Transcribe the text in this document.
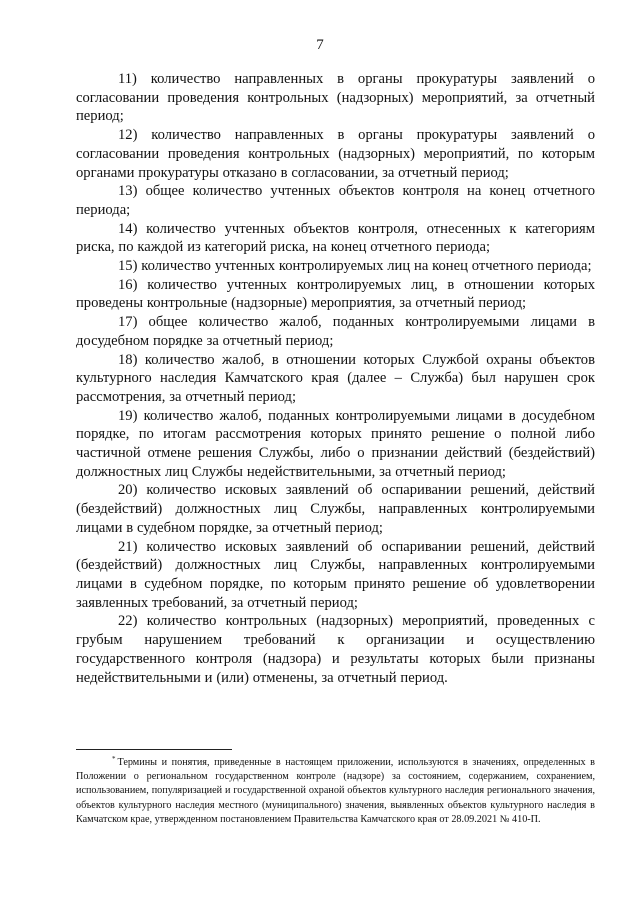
7

11) количество направленных в органы прокуратуры заявлений о согласовании проведения контрольных (надзорных) мероприятий, за отчетный период;

12) количество направленных в органы прокуратуры заявлений о согласовании проведения контрольных (надзорных) мероприятий, по которым органами прокуратуры отказано в согласовании, за отчетный период;

13) общее количество учтенных объектов контроля на конец отчетного периода;

14) количество учтенных объектов контроля, отнесенных к категориям риска, по каждой из категорий риска, на конец отчетного периода;

15) количество учтенных контролируемых лиц на конец отчетного периода;

16) количество учтенных контролируемых лиц, в отношении которых проведены контрольные (надзорные) мероприятия, за отчетный период;

17) общее количество жалоб, поданных контролируемыми лицами в досудебном порядке за отчетный период;

18) количество жалоб, в отношении которых Службой охраны объектов культурного наследия Камчатского края (далее – Служба) был нарушен срок рассмотрения, за отчетный период;

19) количество жалоб, поданных контролируемыми лицами в досудебном порядке, по итогам рассмотрения которых принято решение о полной либо частичной отмене решения Службы, либо о признании действий (бездействий) должностных лиц Службы недействительными, за отчетный период;

20) количество исковых заявлений об оспаривании решений, действий (бездействий) должностных лиц Службы, направленных контролируемыми лицами в судебном порядке, за отчетный период;

21) количество исковых заявлений об оспаривании решений, действий (бездействий) должностных лиц Службы, направленных контролируемыми лицами в судебном порядке, по которым принято решение об удовлетворении заявленных требований, за отчетный период;

22) количество контрольных (надзорных) мероприятий, проведенных с грубым нарушением требований к организации и осуществлению государственного контроля (надзора) и результаты которых были признаны недействительными и (или) отменены, за отчетный период.

* Термины и понятия, приведенные в настоящем приложении, используются в значениях, определенных в Положении о региональном государственном контроле (надзоре) за состоянием, содержанием, сохранением, использованием, популяризацией и государственной охраной объектов культурного наследия регионального значения, объектов культурного наследия местного (муниципального) значения, выявленных объектов культурного наследия в Камчатском крае, утвержденном постановлением Правительства Камчатского края от 28.09.2021 № 410-П.
